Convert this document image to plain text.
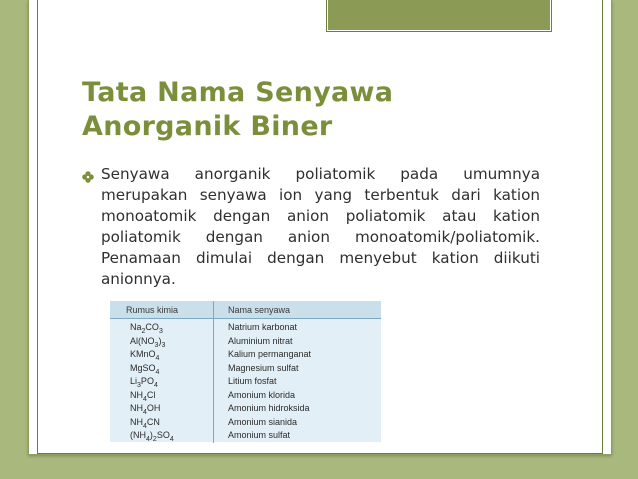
Tata Nama Senyawa
Anorganik Biner

Senyawa anorganik poliatomik pada umumnya merupakan senyawa ion yang terbentuk dari kation monoatomik dengan anion poliatomik atau kation poliatomik dengan anion monoatomik/poliatomik. Penamaan dimulai dengan menyebut kation diikuti anionnya.

Rumus kimia	Nama senyawa
$Na_2CO_3$
$Al(NO_3)_3$
KMnO$_4$
MgSO$_4$
$Li_3PO_4$
$NH_4Cl$
$NH_4OH$
$NH_4CN$
$(NH_4)_2SO_4$
Natrium karbonat
Aluminium nitrat
Kalium permanganat
Magnesium sulfat
Litium fosfat
Amonium klorida
Amonium hidroksida
Amonium sianida
Amonium sulfat
